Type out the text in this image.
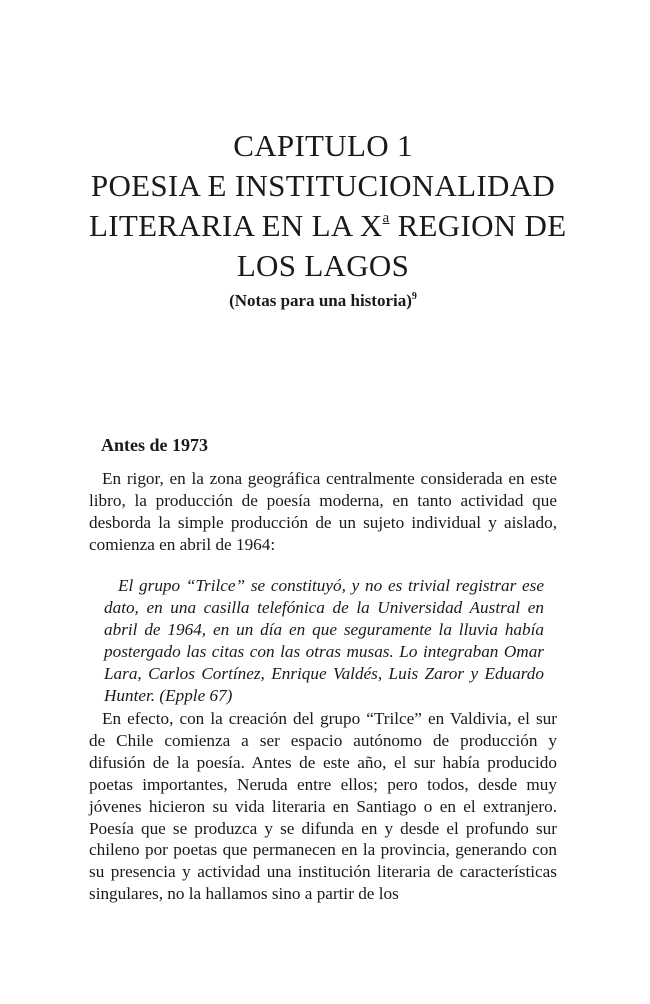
CAPITULO 1
POESIA E INSTITUCIONALIDAD
LITERARIA EN LA $X^a$ REGION DE
LOS LAGOS
(Notas para una historia)$^9$
Antes de 1973

En rigor, en la zona geográfica centralmente considerada en este libro, la producción de poesía moderna, en tanto actividad que desborda la simple producción de un sujeto individual y aislado, comienza en abril de 1964:

El grupo “Trilce” se constituyó, y no es trivial registrar ese dato, en una casilla telefónica de la Universidad Austral en abril de 1964, en un día en que seguramente la lluvia había postergado las citas con las otras musas. Lo integraban Omar Lara, Carlos Cortínez, Enrique Valdés, Luis Zaror y Eduardo Hunter. (Epple 67)

En efecto, con la creación del grupo “Trilce” en Valdivia, el sur de Chile comienza a ser espacio autónomo de producción y difusión de la poesía. Antes de este año, el sur había producido poetas importantes, Neruda entre ellos; pero todos, desde muy jóvenes hicieron su vida literaria en Santiago o en el extranjero. Poesía que se produzca y se difunda en y desde el profundo sur chileno por poetas que permanecen en la provincia, generando con su presencia y actividad una institución literaria de características singulares, no la hallamos sino a partir de los
